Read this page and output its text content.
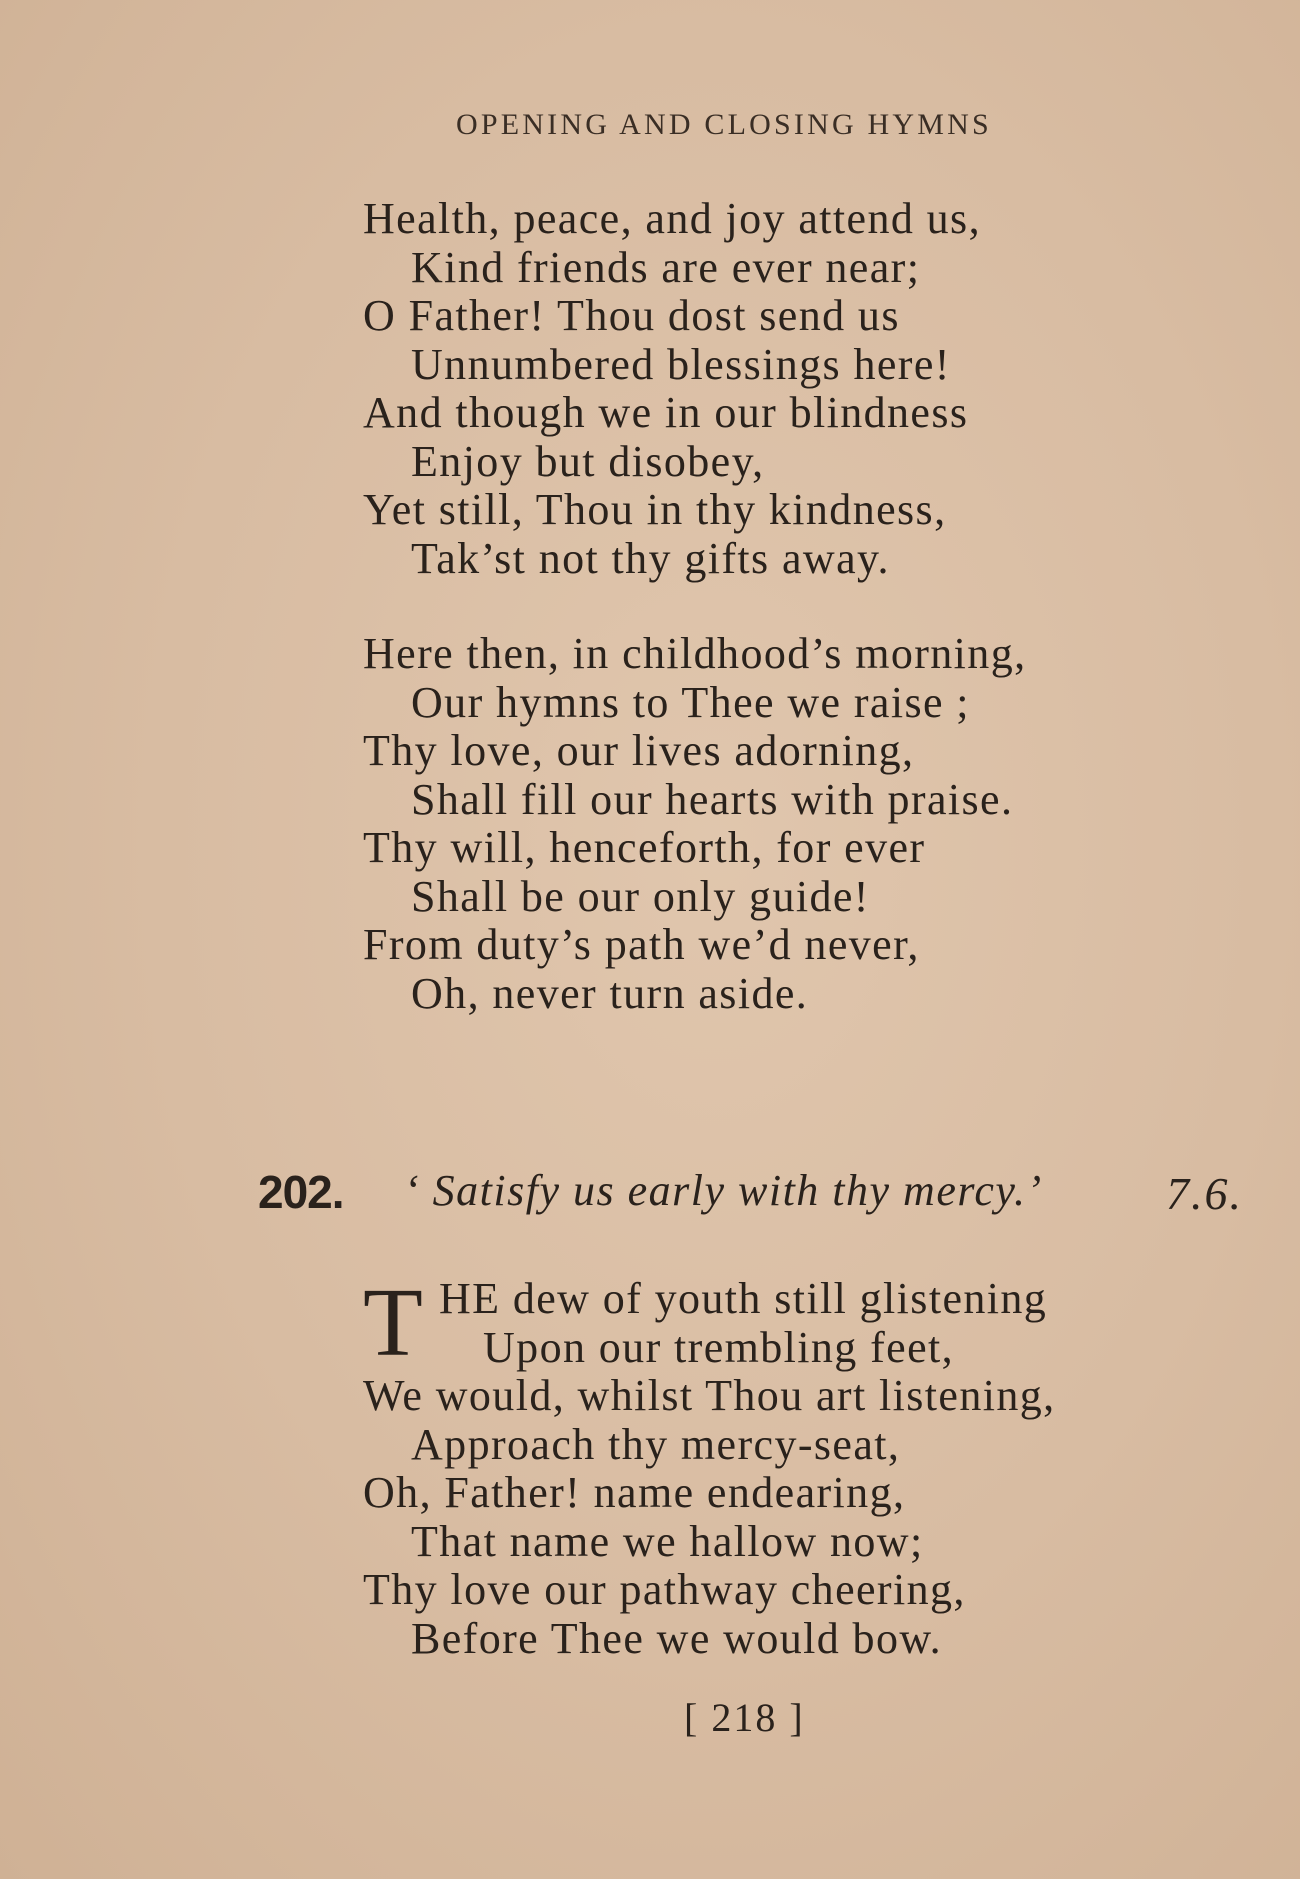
OPENING AND CLOSING HYMNS
Health, peace, and joy attend us,
Kind friends are ever near;
O Father! Thou dost send us
Unnumbered blessings here!
And though we in our blindness
Enjoy but disobey,
Yet still, Thou in thy kindness,
Tak’st not thy gifts away.
Here then, in childhood’s morning,
Our hymns to Thee we raise ;
Thy love, our lives adorning,
Shall fill our hearts with praise.
Thy will, henceforth, for ever
Shall be our only guide!
From duty’s path we’d never,
Oh, never turn aside.
202. ‘ Satisfy us early with thy mercy.’	7.6.
T HE dew of youth still glistening
Upon our trembling feet,
We would, whilst Thou art listening,
Approach thy mercy-seat,
Oh, Father! name endearing,
That name we hallow now;
Thy love our pathway cheering,
Before Thee we would bow.
[ 218 ]
